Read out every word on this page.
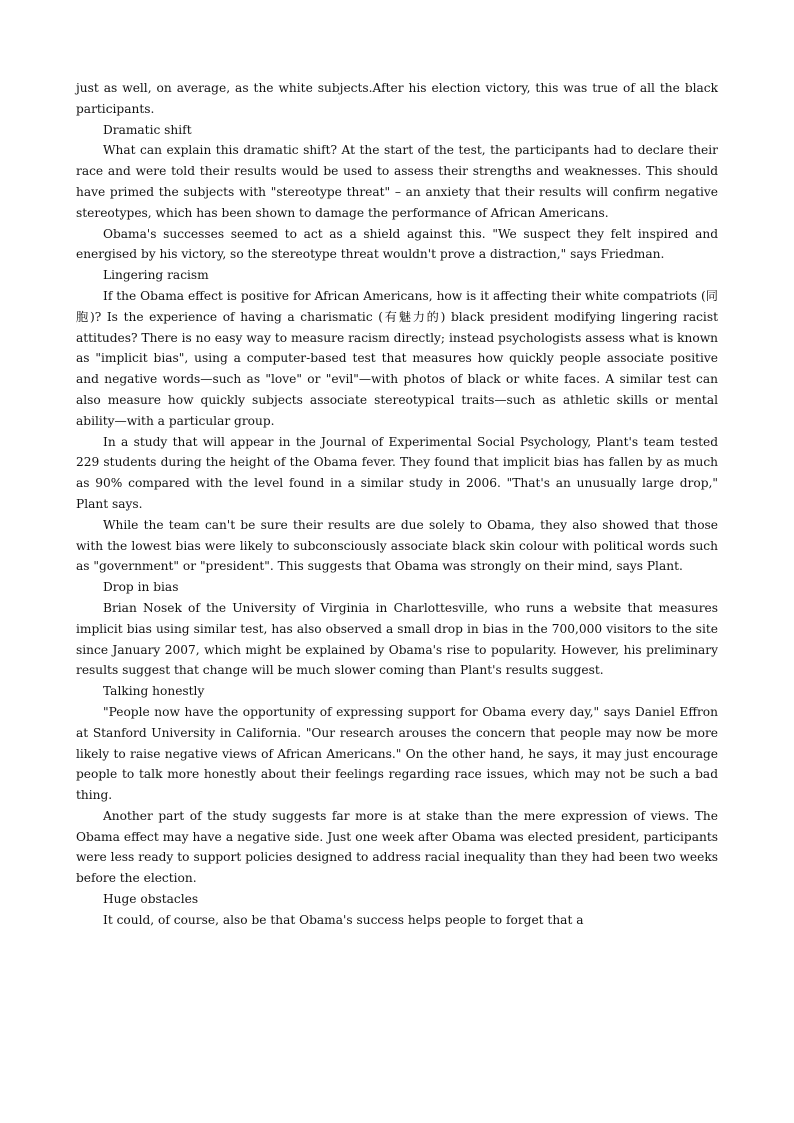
just as well, on average, as the white subjects.After his election victory, this was true of all the black participants.

Dramatic shift

What can explain this dramatic shift? At the start of the test, the participants had to declare their race and were told their results would be used to assess their strengths and weaknesses. This should have primed the subjects with "stereotype threat" – an anxiety that their results will confirm negative stereotypes, which has been shown to damage the performance of African Americans.

Obama's successes seemed to act as a shield against this. "We suspect they felt inspired and energised by his victory, so the stereotype threat wouldn't prove a distraction," says Friedman.

Lingering racism

If the Obama effect is positive for African Americans, how is it affecting their white compatriots (同胞)? Is the experience of having a charismatic (有魅力的) black president modifying lingering racist attitudes? There is no easy way to measure racism directly; instead psychologists assess what is known as "implicit bias", using a computer-based test that measures how quickly people associate positive and negative words—such as "love" or "evil"—with photos of black or white faces. A similar test can also measure how quickly subjects associate stereotypical traits—such as athletic skills or mental ability—with a particular group.

In a study that will appear in the Journal of Experimental Social Psychology, Plant's team tested 229 students during the height of the Obama fever. They found that implicit bias has fallen by as much as 90% compared with the level found in a similar study in 2006. "That's an unusually large drop," Plant says.

While the team can't be sure their results are due solely to Obama, they also showed that those with the lowest bias were likely to subconsciously associate black skin colour with political words such as "government" or "president". This suggests that Obama was strongly on their mind, says Plant.

Drop in bias

Brian Nosek of the University of Virginia in Charlottesville, who runs a website that measures implicit bias using similar test, has also observed a small drop in bias in the 700,000 visitors to the site since January 2007, which might be explained by Obama's rise to popularity. However, his preliminary results suggest that change will be much slower coming than Plant's results suggest.

Talking honestly

"People now have the opportunity of expressing support for Obama every day," says Daniel Effron at Stanford University in California. "Our research arouses the concern that people may now be more likely to raise negative views of African Americans." On the other hand, he says, it may just encourage people to talk more honestly about their feelings regarding race issues, which may not be such a bad thing.

Another part of the study suggests far more is at stake than the mere expression of views. The Obama effect may have a negative side. Just one week after Obama was elected president, participants were less ready to support policies designed to address racial inequality than they had been two weeks before the election.

Huge obstacles

It could, of course, also be that Obama's success helps people to forget that a
